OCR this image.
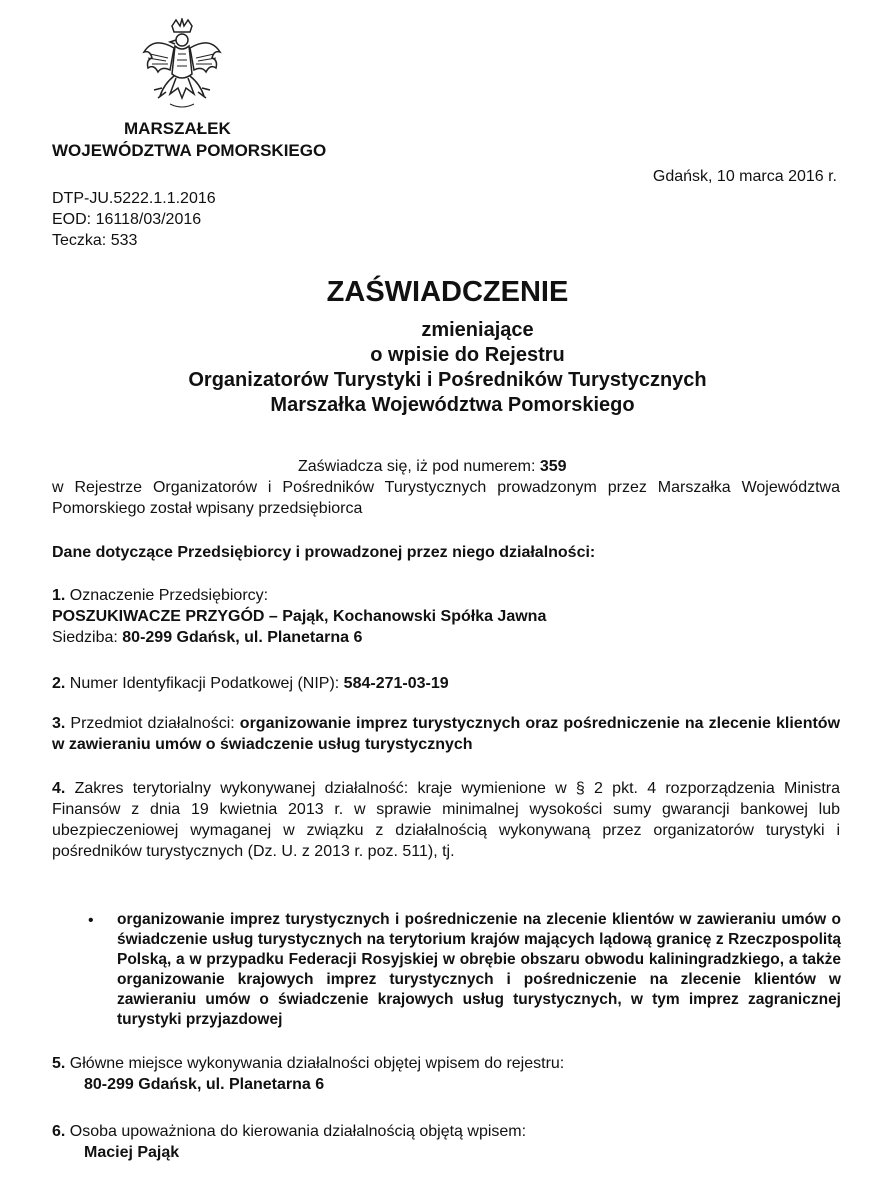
MARSZAŁEK
WOJEWÓDZTWA POMORSKIEGO
Gdańsk, 10 marca 2016 r.
DTP-JU.5222.1.1.2016
EOD: 16118/03/2016
Teczka: 533
ZAŚWIADCZENIE
zmieniające
o wpisie do Rejestru
Organizatorów Turystyki i Pośredników Turystycznych
Marszałka Województwa Pomorskiego
Zaświadcza się, iż pod numerem: 359
w Rejestrze Organizatorów i Pośredników Turystycznych prowadzonym przez Marszałka Województwa Pomorskiego został wpisany przedsiębiorca
Dane dotyczące Przedsiębiorcy i prowadzonej przez niego działalności:
1. Oznaczenie Przedsiębiorcy:
POSZUKIWACZE PRZYGÓD – Pająk, Kochanowski Spółka Jawna
Siedziba: 80-299 Gdańsk, ul. Planetarna 6
2. Numer Identyfikacji Podatkowej (NIP): 584-271-03-19
3. Przedmiot działalności: organizowanie imprez turystycznych oraz pośredniczenie na zlecenie klientów w zawieraniu umów o świadczenie usług turystycznych
4. Zakres terytorialny wykonywanej działalność: kraje wymienione w § 2 pkt. 4 rozporządzenia Ministra Finansów z dnia 19 kwietnia 2013 r. w sprawie minimalnej wysokości sumy gwarancji bankowej lub ubezpieczeniowej wymaganej w związku z działalnością wykonywaną przez organizatorów turystyki i pośredników turystycznych (Dz. U. z 2013 r. poz. 511), tj.
• organizowanie imprez turystycznych i pośredniczenie na zlecenie klientów w zawieraniu umów o świadczenie usług turystycznych na terytorium krajów mających lądową granicę z Rzeczpospolitą Polską, a w przypadku Federacji Rosyjskiej w obrębie obszaru obwodu kaliningradzkiego, a także organizowanie krajowych imprez turystycznych i pośredniczenie na zlecenie klientów w zawieraniu umów o świadczenie krajowych usług turystycznych, w tym imprez zagranicznej turystyki przyjazdowej
5. Główne miejsce wykonywania działalności objętej wpisem do rejestru:
80-299 Gdańsk, ul. Planetarna 6
6. Osoba upoważniona do kierowania działalnością objętą wpisem:
Maciej Pająk
